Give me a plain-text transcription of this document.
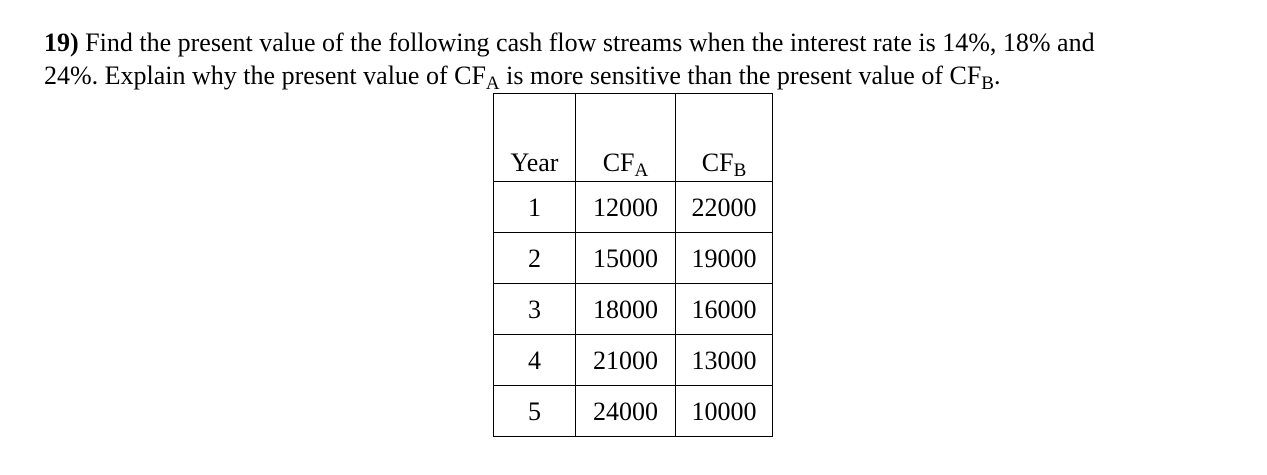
19) Find the present value of the following cash flow streams when the interest rate is 14%, 18% and
24%. Explain why the present value of $CF_A$ is more sensitive than the present value of $CF_B$.

Year	$CF_A$	$CF_B$
1	12000	22000
2	15000	19000
3	18000	16000
4	21000	13000
5	24000	10000
